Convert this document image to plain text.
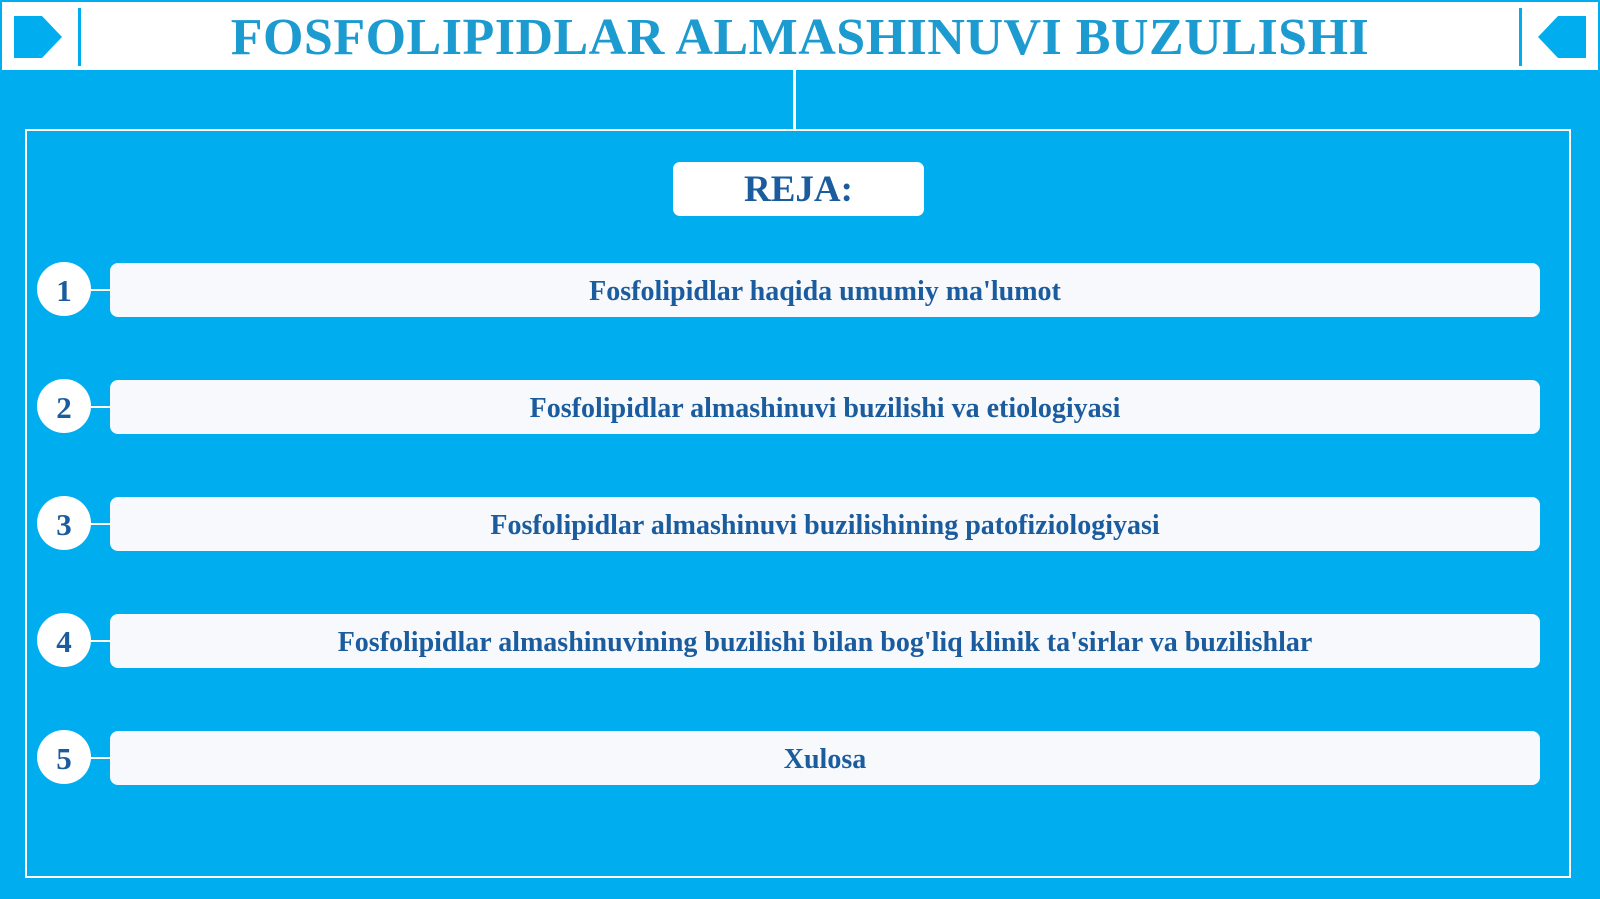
FOSFOLIPIDLAR ALMASHINUVI BUZULISHI
REJA:
1	Fosfolipidlar haqida umumiy ma'lumot
2	Fosfolipidlar almashinuvi buzilishi va etiologiyasi
3	Fosfolipidlar almashinuvi buzilishining patofiziologiyasi
4	Fosfolipidlar almashinuvining buzilishi bilan bog'liq klinik ta'sirlar va buzilishlar
5	Xulosa
